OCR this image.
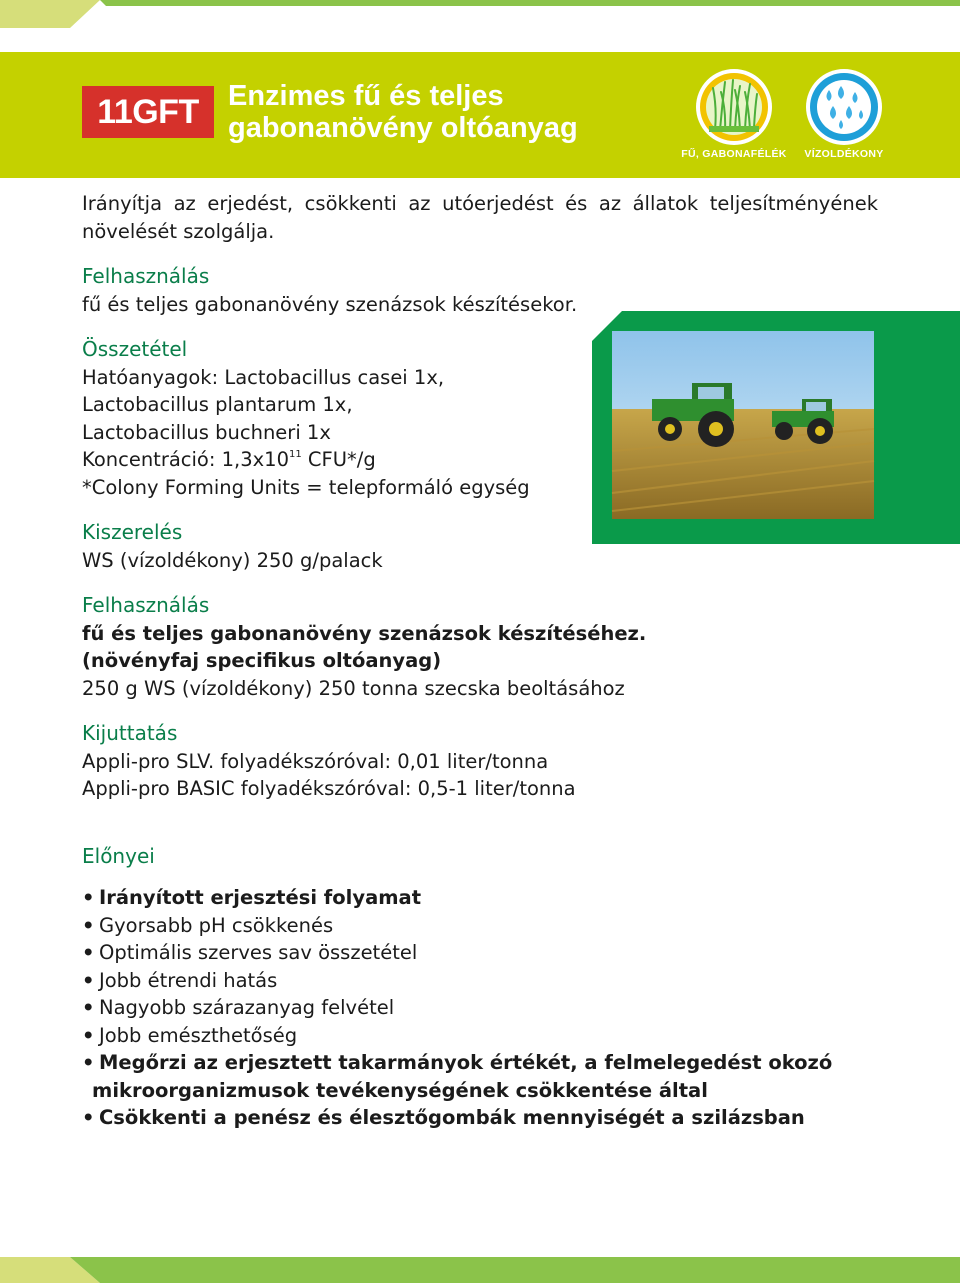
11GFT	Enzimes fű és teljes
gabonanövény oltóanyag
FŰ, GABONAFÉLÉK	VÍZOLDÉKONY

Irányítja az erjedést, csökkenti az utóerjedést és az állatok teljesítményének növelését szolgálja.

Felhasználás

fű és teljes gabonanövény szenázsok készítésekor.

Összetétel

Hatóanyagok: Lactobacillus casei 1x,

Lactobacillus plantarum 1x,

Lactobacillus buchneri 1x

Koncentráció: $1,3x10^{11}$ CFU*/g

*Colony Forming Units = telepformáló egység

Kiszerelés

WS (vízoldékony) 250 g/palack

Felhasználás

fű és teljes gabonanövény szenázsok készítéséhez.

(növényfaj specifikus oltóanyag)

250 g WS (vízoldékony) 250 tonna szecska beoltásához

Kijuttatás

Appli-pro SLV. folyadékszóróval: 0,01 liter/tonna

Appli-pro BASIC folyadékszóróval: 0,5-1 liter/tonna

Előnyei

• Irányított erjesztési folyamat
• Gyorsabb pH csökkenés
• Optimális szerves sav összetétel
• Jobb étrendi hatás
• Nagyobb szárazanyag felvétel
• Jobb emészthetőség
• Megőrzi az erjesztett takarmányok értékét, a felmelegedést okozó
mikroorganizmusok tevékenységének csökkentése által
• Csökkenti a penész és élesztőgombák mennyiségét a szilázsban
